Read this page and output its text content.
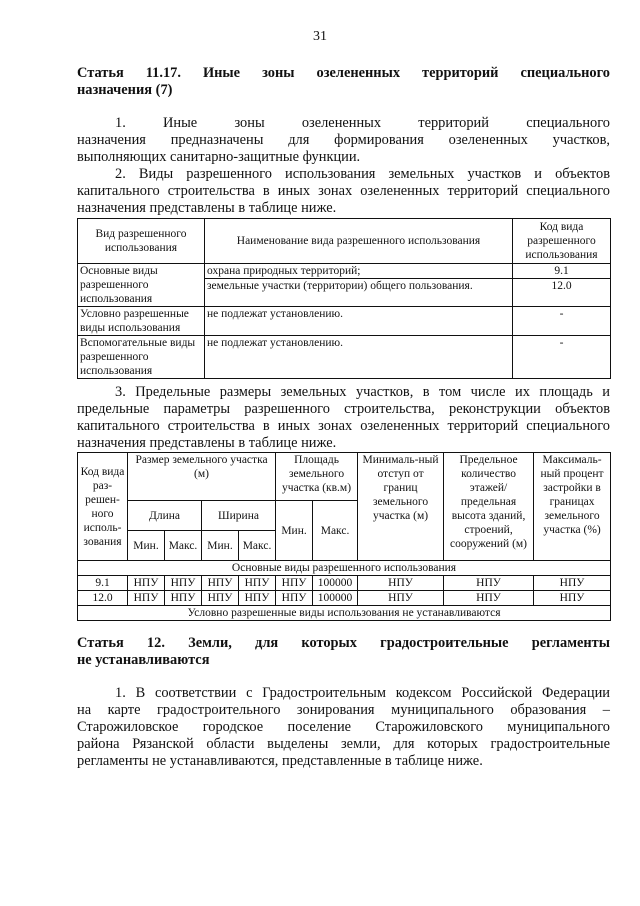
31
Статья 11.17. Иные зоны озелененных территорий специального
назначения (7)
1. Иные зоны озелененных территорий специального
назначения предназначены для формирования озелененных участков,
выполняющих санитарно-защитные функции.
2. Виды разрешенного использования земельных участков и объектов
капитального строительства в иных зонах озелененных территорий специального
назначения представлены в таблице ниже.
Вид разрешенного использования	Наименование вида разрешенного использования	Код вида разрешенного использования
Основные виды разрешенного использования	охрана природных территорий;	9.1
	земельные участки (территории) общего пользования.	12.0
Условно разрешенные виды использования	не подлежат установлению.	-
Вспомогательные виды разрешенного использования	не подлежат установлению.	-
3. Предельные размеры земельных участков, в том числе их площадь и
предельные параметры разрешенного строительства, реконструкции объектов
капитального строительства в иных зонах озелененных территорий специального
назначения представлены в таблице ниже.
Код вида раз-решен-ного исполь-зования	Размер земельного участка (м)				Площадь земельного участка (кв.м)		Минималь-ный отступ от границ земельного участка (м)	Предельное количество этажей/ предельная высота зданий, строений, сооружений (м)	Максималь-ный процент застройки в границах земельного участка (%)
	Длина		Ширина		Мин.	Макс.			
	Мин.	Макс.	Мин.	Макс.					
Основные виды разрешенного использования									
9.1	НПУ	НПУ	НПУ	НПУ	НПУ	100000	НПУ	НПУ	НПУ
12.0	НПУ	НПУ	НПУ	НПУ	НПУ	100000	НПУ	НПУ	НПУ
Условно разрешенные виды использования не устанавливаются									
Статья 12. Земли, для которых градостроительные регламенты
не устанавливаются
1. В соответствии с Градостроительным кодексом Российской Федерации
на карте градостроительного зонирования муниципального образования –
Старожиловское городское поселение Старожиловского муниципального
района Рязанской области выделены земли, для которых градостроительные
регламенты не устанавливаются, представленные в таблице ниже.
